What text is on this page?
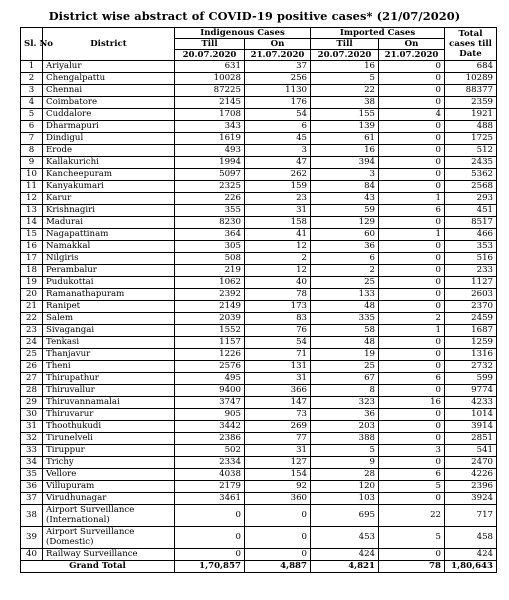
District wise abstract of COVID-19 positive cases* (21/07/2020)
Sl. No	District	Indigenous Cases		Imported Cases		Total cases till Date
		Till	On	Till	On	
		20.07.2020	21.07.2020	20.07.2020	21.07.2020	
1	Ariyalur	631	37	16	0	684
2	Chengalpattu	10028	256	5	0	10289
3	Chennai	87225	1130	22	0	88377
4	Coimbatore	2145	176	38	0	2359
5	Cuddalore	1708	54	155	4	1921
6	Dharmapuri	343	6	139	0	488
7	Dindigul	1619	45	61	0	1725
8	Erode	493	3	16	0	512
9	Kallakurichi	1994	47	394	0	2435
10	Kancheepuram	5097	262	3	0	5362
11	Kanyakumari	2325	159	84	0	2568
12	Karur	226	23	43	1	293
13	Krishnagiri	355	31	59	6	451
14	Madurai	8230	158	129	0	8517
15	Nagapattinam	364	41	60	1	466
16	Namakkal	305	12	36	0	353
17	Nilgiris	508	2	6	0	516
18	Perambalur	219	12	2	0	233
19	Pudukottai	1062	40	25	0	1127
20	Ramanathapuram	2392	78	133	0	2603
21	Ranipet	2149	173	48	0	2370
22	Salem	2039	83	335	2	2459
23	Sivagangai	1552	76	58	1	1687
24	Tenkasi	1157	54	48	0	1259
25	Thanjavur	1226	71	19	0	1316
26	Theni	2576	131	25	0	2732
27	Thirupathur	495	31	67	6	599
28	Thiruvallur	9400	366	8	0	9774
29	Thiruvannamalai	3747	147	323	16	4233
30	Thiruvarur	905	73	36	0	1014
31	Thoothukudi	3442	269	203	0	3914
32	Tirunelveli	2386	77	388	0	2851
33	Tiruppur	502	31	5	3	541
34	Trichy	2334	127	9	0	2470
35	Vellore	4038	154	28	6	4226
36	Villupuram	2179	92	120	5	2396
37	Virudhunagar	3461	360	103	0	3924
38	Airport Surveillance (International)	0	0	695	22	717
39	Airport Surveillance (Domestic)	0	0	453	5	458
40	Railway Surveillance	0	0	424	0	424
Grand Total		1,70,857	4,887	4,821	78	1,80,643
